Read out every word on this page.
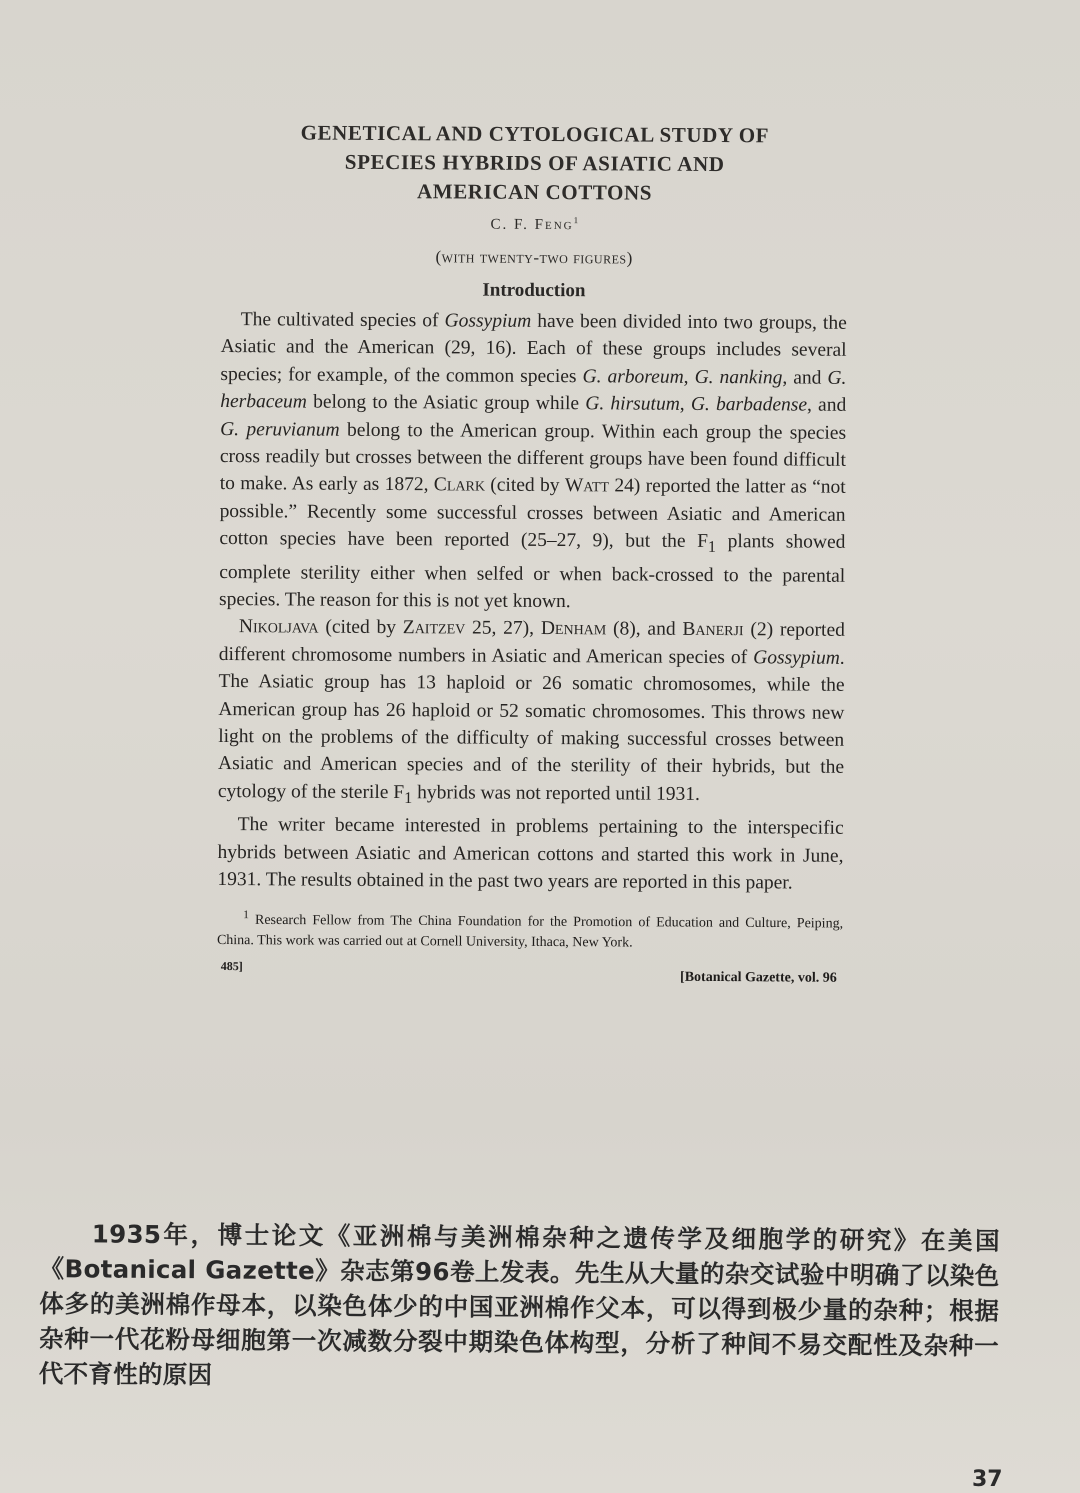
GENETICAL AND CYTOLOGICAL STUDY OF
SPECIES HYBRIDS OF ASIATIC AND
AMERICAN COTTONS
C. F. Feng$^1$
(with twenty-two figures)
Introduction

The cultivated species of Gossypium have been divided into two groups, the Asiatic and the American (29, 16). Each of these groups includes several species; for example, of the common species G. arboreum, G. nanking, and G. herbaceum belong to the Asiatic group while G. hirsutum, G. barbadense, and G. peruvianum belong to the American group. Within each group the species cross readily but crosses between the different groups have been found difficult to make. As early as 1872, Clark (cited by Watt 24) reported the latter as “not possible.” Recently some successful crosses between Asiatic and American cotton species have been reported (25–27, 9), but the $F_1$ plants showed complete sterility either when selfed or when back-crossed to the parental species. The reason for this is not yet known.

Nikoljava (cited by Zaitzev 25, 27), Denham (8), and Banerji (2) reported different chromosome numbers in Asiatic and American species of Gossypium. The Asiatic group has 13 haploid or 26 somatic chromosomes, while the American group has 26 haploid or 52 somatic chromosomes. This throws new light on the problems of the difficulty of making successful crosses between Asiatic and American species and of the sterility of their hybrids, but the cytology of the sterile $F_1$ hybrids was not reported until 1931.

The writer became interested in problems pertaining to the interspecific hybrids between Asiatic and American cottons and started this work in June, 1931. The results obtained in the past two years are reported in this paper.

$^1$ Research Fellow from The China Foundation for the Promotion of Education and Culture, Peiping, China. This work was carried out at Cornell University, Ithaca, New York.
485]
[Botanical Gazette, vol. 96
1935年，博士论文《亚洲棉与美洲棉杂种之遗传学及细胞学的研究》在美国《Botanical Gazette》杂志第96卷上发表。先生从大量的杂交试验中明确了以染色体多的美洲棉作母本，以染色体少的中国亚洲棉作父本，可以得到极少量的杂种；根据杂种一代花粉母细胞第一次减数分裂中期染色体构型，分析了种间不易交配性及杂种一代不育性的原因
37
